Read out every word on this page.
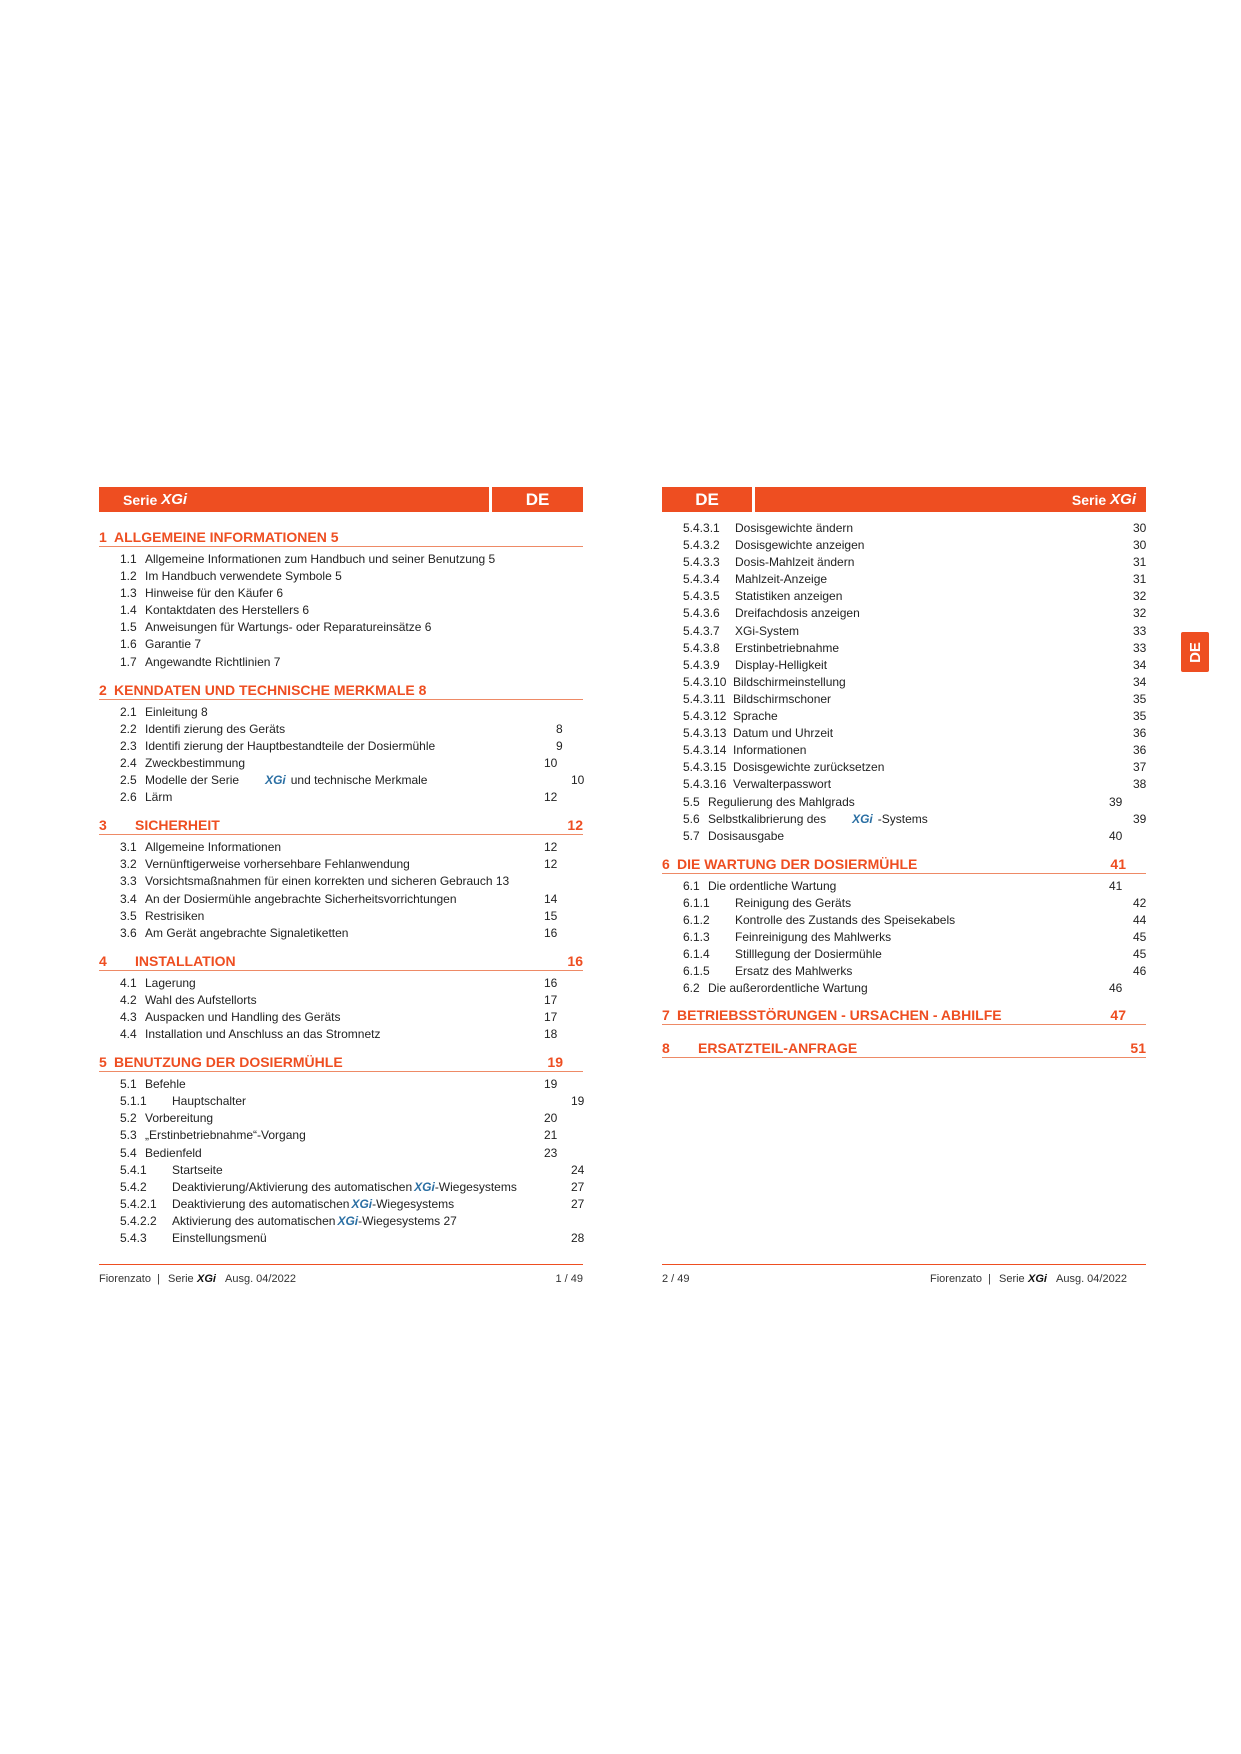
Serie XGi	DE
1 ALLGEMEINE INFORMATIONEN 5
1.1 Allgemeine Informationen zum Handbuch und seiner Benutzung 5
1.2 Im Handbuch verwendete Symbole 5
1.3 Hinweise für den Käufer 6
1.4 Kontaktdaten des Herstellers 6
1.5 Anweisungen für Wartungs- oder Reparatureinsätze 6
1.6 Garantie 7
1.7 Angewandte Richtlinien 7
2 KENNDATEN UND TECHNISCHE MERKMALE 8
2.1 Einleitung 8
2.2 Identifi zierung des Geräts	8
2.3 Identifi zierung der Hauptbestandteile der Dosiermühle	9
2.4 Zweckbestimmung	10
2.5 Modelle der Serie XGi und technische Merkmale	10
2.6 Lärm	12
3 SICHERHEIT	12
3.1 Allgemeine Informationen	12
3.2 Vernünftigerweise vorhersehbare Fehlanwendung	12
3.3 Vorsichtsmaßnahmen für einen korrekten und sicheren Gebrauch 13
3.4 An der Dosiermühle angebrachte Sicherheitsvorrichtungen	14
3.5 Restrisiken	15
3.6 Am Gerät angebrachte Signaletiketten	16
4 INSTALLATION	16
4.1 Lagerung	16
4.2 Wahl des Aufstellorts	17
4.3 Auspacken und Handling des Geräts	17
4.4 Installation und Anschluss an das Stromnetz	18
5 BENUTZUNG DER DOSIERMÜHLE	19
5.1 Befehle	19
5.1.1 Hauptschalter	19
5.2 Vorbereitung	20
5.3 „Erstinbetriebnahme“-Vorgang	21
5.4 Bedienfeld	23
5.4.1 Startseite	24
5.4.2 Deaktivierung/Aktivierung des automatischen XGi-Wiegesystems	27
5.4.2.1 Deaktivierung des automatischen XGi-Wiegesystems	27
5.4.2.2 Aktivierung des automatischen XGi-Wiegesystems 27
5.4.3 Einstellungsmenü	28
DE	Serie XGi
5.4.3.1 Dosisgewichte ändern	30
5.4.3.2 Dosisgewichte anzeigen	30
5.4.3.3 Dosis-Mahlzeit ändern	31
5.4.3.4 Mahlzeit-Anzeige	31
5.4.3.5 Statistiken anzeigen	32
5.4.3.6 Dreifachdosis anzeigen	32
5.4.3.7 XGi-System	33
5.4.3.8 Erstinbetriebnahme	33
5.4.3.9 Display-Helligkeit	34
5.4.3.10 Bildschirmeinstellung	34
5.4.3.11 Bildschirmschoner	35
5.4.3.12 Sprache	35
5.4.3.13 Datum und Uhrzeit	36
5.4.3.14 Informationen	36
5.4.3.15 Dosisgewichte zurücksetzen	37
5.4.3.16 Verwalterpasswort	38
5.5 Regulierung des Mahlgrads	39
5.6 Selbstkalibrierung des XGi -Systems	39
5.7 Dosisausgabe	40
6 DIE WARTUNG DER DOSIERMÜHLE	41
6.1 Die ordentliche Wartung	41
6.1.1 Reinigung des Geräts	42
6.1.2 Kontrolle des Zustands des Speisekabels	44
6.1.3 Feinreinigung des Mahlwerks	45
6.1.4 Stilllegung der Dosiermühle	45
6.1.5 Ersatz des Mahlwerks	46
6.2 Die außerordentliche Wartung	46
7 BETRIEBSSTÖRUNGEN - URSACHEN - ABHILFE	47
8 ERSATZTEIL-ANFRAGE	51
DE
Fiorenzato | Serie XGi Ausg. 04/2022	1 / 49	2 / 49	Fiorenzato | Serie XGi Ausg. 04/2022
